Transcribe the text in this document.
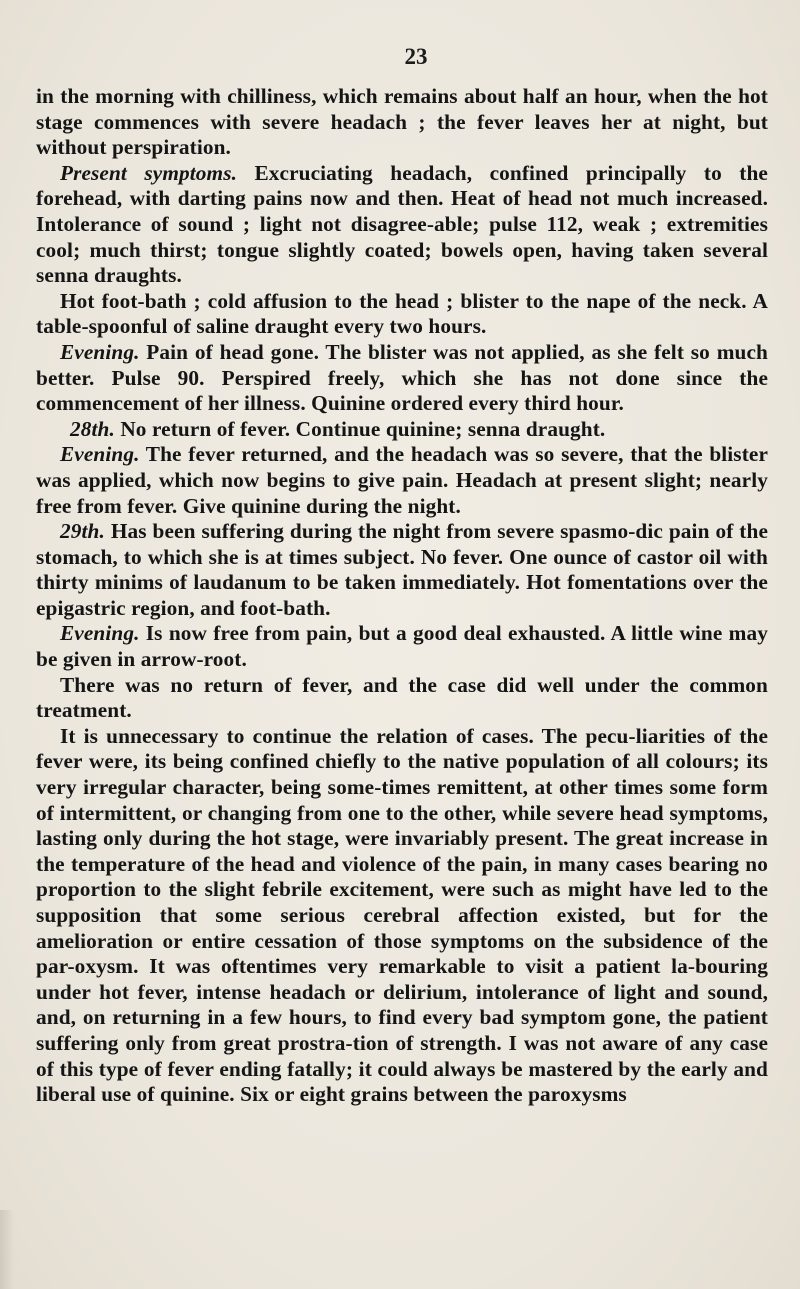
23

in the morning with chilliness, which remains about half an hour, when the hot stage commences with severe headach ; the fever leaves her at night, but without perspiration.

Present symptoms. Excruciating headach, confined principally to the forehead, with darting pains now and then. Heat of head not much increased. Intolerance of sound ; light not disagree-able; pulse 112, weak ; extremities cool; much thirst; tongue slightly coated; bowels open, having taken several senna draughts.

Hot foot-bath ; cold affusion to the head ; blister to the nape of the neck. A table-spoonful of saline draught every two hours.

Evening. Pain of head gone. The blister was not applied, as she felt so much better. Pulse 90. Perspired freely, which she has not done since the commencement of her illness. Quinine ordered every third hour.

28th. No return of fever. Continue quinine; senna draught.

Evening. The fever returned, and the headach was so severe, that the blister was applied, which now begins to give pain. Headach at present slight; nearly free from fever. Give quinine during the night.

29th. Has been suffering during the night from severe spasmo-dic pain of the stomach, to which she is at times subject. No fever. One ounce of castor oil with thirty minims of laudanum to be taken immediately. Hot fomentations over the epigastric region, and foot-bath.

Evening. Is now free from pain, but a good deal exhausted. A little wine may be given in arrow-root.

There was no return of fever, and the case did well under the common treatment.

It is unnecessary to continue the relation of cases. The pecu-liarities of the fever were, its being confined chiefly to the native population of all colours; its very irregular character, being some-times remittent, at other times some form of intermittent, or changing from one to the other, while severe head symptoms, lasting only during the hot stage, were invariably present. The great increase in the temperature of the head and violence of the pain, in many cases bearing no proportion to the slight febrile excitement, were such as might have led to the supposition that some serious cerebral affection existed, but for the amelioration or entire cessation of those symptoms on the subsidence of the par-oxysm. It was oftentimes very remarkable to visit a patient la-bouring under hot fever, intense headach or delirium, intolerance of light and sound, and, on returning in a few hours, to find every bad symptom gone, the patient suffering only from great prostra-tion of strength. I was not aware of any case of this type of fever ending fatally; it could always be mastered by the early and liberal use of quinine. Six or eight grains between the paroxysms
